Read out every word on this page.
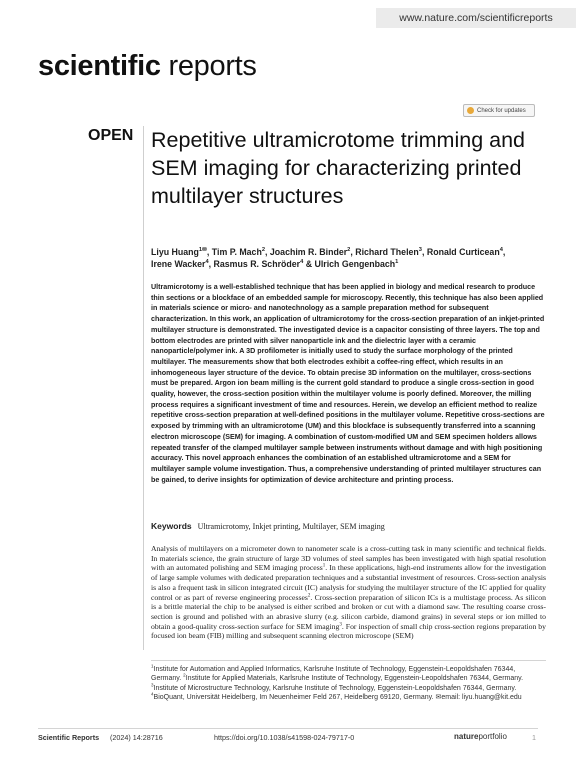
www.nature.com/scientificreports
scientific reports
Check for updates
OPEN Repetitive ultramicrotome trimming and SEM imaging for characterizing printed multilayer structures
Liyu Huang$^{1✉}$, Tim P. Mach$^2$, Joachim R. Binder$^2$, Richard Thelen$^3$, Ronald Curticean$^4$,
Irene Wacker$^4$, Rasmus R. Schröder$^4$ & Ulrich Gengenbach$^1$

Ultramicrotomy is a well-established technique that has been applied in biology and medical research to produce thin sections or a blockface of an embedded sample for microscopy. Recently, this technique has also been applied in materials science or micro- and nanotechnology as a sample preparation method for subsequent characterization. In this work, an application of ultramicrotomy for the cross-section preparation of an inkjet-printed multilayer structure is demonstrated. The investigated device is a capacitor consisting of three layers. The top and bottom electrodes are printed with silver nanoparticle ink and the dielectric layer with a ceramic nanoparticle/polymer ink. A 3D profilometer is initially used to study the surface morphology of the printed multilayer. The measurements show that both electrodes exhibit a coffee-ring effect, which results in an inhomogeneous layer structure of the device. To obtain precise 3D information on the multilayer, cross-sections must be prepared. Argon ion beam milling is the current gold standard to produce a single cross-section in good quality, however, the cross-section position within the multilayer volume is poorly defined. Moreover, the milling process requires a significant investment of time and resources. Herein, we develop an efficient method to realize repetitive cross-section preparation at well-defined positions in the multilayer volume. Repetitive cross-sections are exposed by trimming with an ultramicrotome (UM) and this blockface is subsequently transferred into a scanning electron microscope (SEM) for imaging. A combination of custom-modified UM and SEM specimen holders allows repeated transfer of the clamped multilayer sample between instruments without damage and with high positioning accuracy. This novel approach enhances the combination of an established ultramicrotome and a SEM for multilayer sample volume investigation. Thus, a comprehensive understanding of printed multilayer structures can be gained, to derive insights for optimization of device architecture and printing process.

Keywords Ultramicrotomy, Inkjet printing, Multilayer, SEM imaging

Analysis of multilayers on a micrometer down to nanometer scale is a cross-cutting task in many scientific and technical fields. In materials science, the grain structure of large 3D volumes of steel samples has been investigated with high spatial resolution with an automated polishing and SEM imaging process$^1$. In these applications, high-end instruments allow for the investigation of large sample volumes with dedicated preparation techniques and a substantial investment of resources. Cross-section analysis is also a frequent task in silicon integrated circuit (IC) analysis for studying the multilayer structure of the IC applied for quality control or as part of reverse engineering processes$^2$. Cross-section preparation of silicon ICs is a multistage process. As silicon is a brittle material the chip to be analysed is either scribed and broken or cut with a diamond saw. The resulting coarse cross-section is ground and polished with an abrasive slurry (e.g. silicon carbide, diamond grains) in several steps or ion milled to obtain a good-quality cross-section surface for SEM imaging$^3$. For inspection of small chip cross-section regions preparation by focused ion beam (FIB) milling and subsequent scanning electron microscope (SEM)

$^1$Institute for Automation and Applied Informatics, Karlsruhe Institute of Technology, Eggenstein-Leopoldshafen 76344, Germany. $^2$Institute for Applied Materials, Karlsruhe Institute of Technology, Eggenstein-Leopoldshafen 76344, Germany. $^3$Institute of Microstructure Technology, Karlsruhe Institute of Technology, Eggenstein-Leopoldshafen 76344, Germany. $^4$BioQuant, Universität Heidelberg, Im Neuenheimer Feld 267, Heidelberg 69120, Germany. ✉email: liyu.huang@kit.edu

Scientific Reports (2024) 14:28716	https://doi.org/10.1038/s41598-024-79717-0	natureportfolio	1
